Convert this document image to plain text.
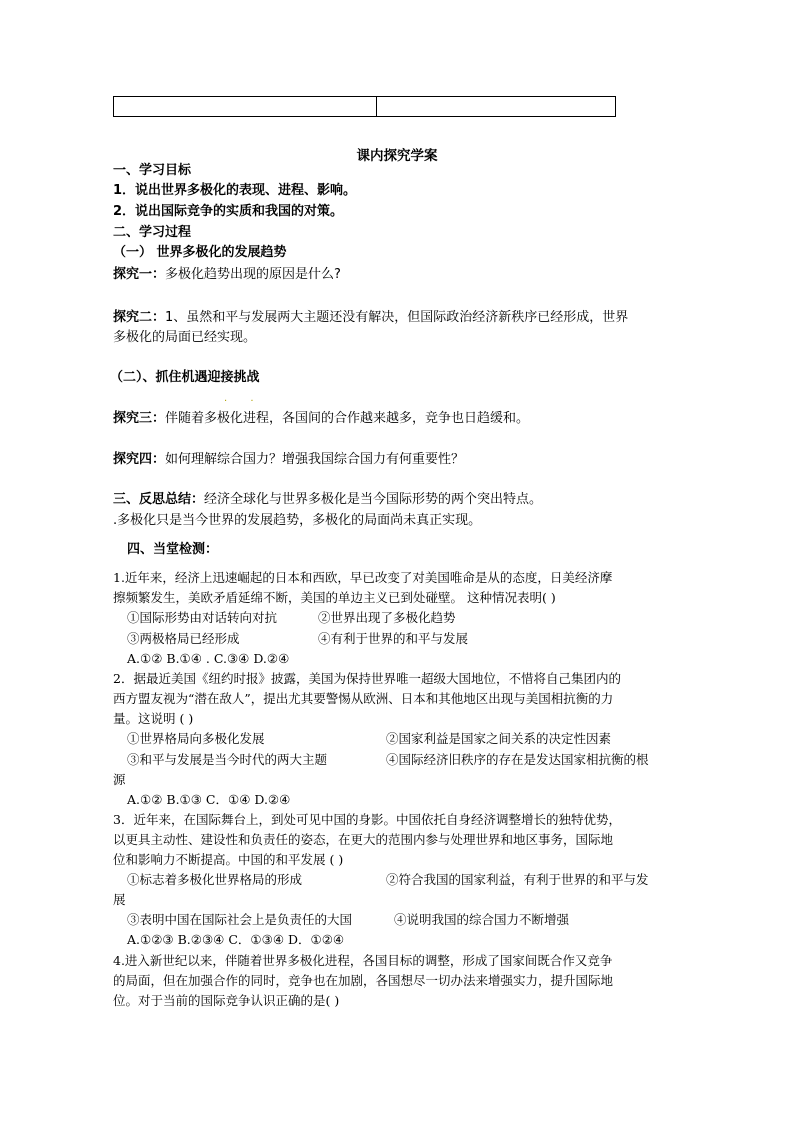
课内探究学案
一、学习目标
1．说出世界多极化的表现、进程、影响。
2．说出国际竞争的实质和我国的对策。
二、学习过程
（一） 世界多极化的发展趋势
探究一：多极化趋势出现的原因是什么?
探究二：1、虽然和平与发展两大主题还没有解决，但国际政治经济新秩序已经形成，世界
多极化的局面已经实现。
（二）、抓住机遇迎接挑战
. .
探究三：伴随着多极化进程，各国间的合作越来越多，竞争也日趋缓和。
探究四：如何理解综合国力？增强我国综合国力有何重要性？
三、反思总结：经济全球化与世界多极化是当今国际形势的两个突出特点。
.多极化只是当今世界的发展趋势，多极化的局面尚未真正实现。
四、当堂检测：
1.近年来，经济上迅速崛起的日本和西欧，早已改变了对美国唯命是从的态度，日美经济摩
擦频繁发生，美欧矛盾延绵不断，美国的单边主义已到处碰壁。 这种情况表明( )
①国际形势由对话转向对抗	②世界出现了多极化趋势
③两极格局已经形成	④有利于世界的和平与发展
A.①② B.①④ . C.③④ D.②④
2．据最近美国《纽约时报》披露，美国为保持世界唯一超级大国地位，不惜将自己集团内的
西方盟友视为“潜在敌人”，提出尤其要警惕从欧洲、日本和其他地区出现与美国相抗衡的力
量。这说明 ( )
①世界格局向多极化发展	②国家利益是国家之间关系的决定性因素
③和平与发展是当今时代的两大主题	④国际经济旧秩序的存在是发达国家相抗衡的根
源
A.①② B.①③ C．①④ D.②④
3．近年来，在国际舞台上，到处可见中国的身影。中国依托自身经济调整增长的独特优势，
以更具主动性、建设性和负责任的姿态，在更大的范围内参与处理世界和地区事务，国际地
位和影响力不断提高。中国的和平发展 ( )
①标志着多极化世界格局的形成	②符合我国的国家利益，有利于世界的和平与发
展
③表明中国在国际社会上是负责任的大国	④说明我国的综合国力不断增强
A.①②③ B.②③④ C．①③④ D．①②④
4.进入新世纪以来，伴随着世界多极化进程，各国目标的调整，形成了国家间既合作又竞争
的局面，但在加强合作的同时，竞争也在加剧，各国想尽一切办法来增强实力，提升国际地
位。对于当前的国际竞争认识正确的是( )
